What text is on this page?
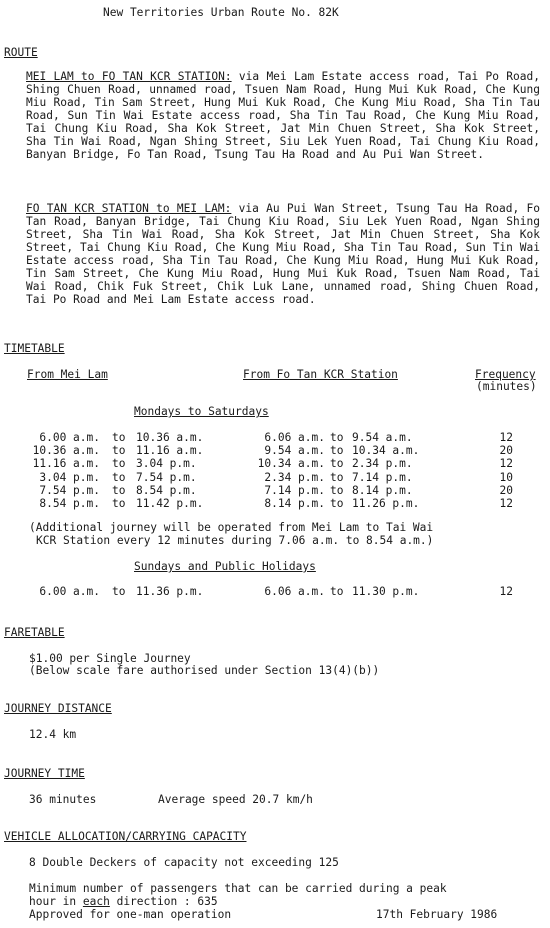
New Territories Urban Route No. 82K
ROUTE
MEI LAM to FO TAN KCR STATION: via Mei Lam Estate access road, Tai Po Road, Shing Chuen Road, unnamed road, Tsuen Nam Road, Hung Mui Kuk Road, Che Kung Miu Road, Tin Sam Street, Hung Mui Kuk Road, Che Kung Miu Road, Sha Tin Tau Road, Sun Tin Wai Estate access road, Sha Tin Tau Road, Che Kung Miu Road, Tai Chung Kiu Road, Sha Kok Street, Jat Min Chuen Street, Sha Kok Street, Sha Tin Wai Road, Ngan Shing Street, Siu Lek Yuen Road, Tai Chung Kiu Road, Banyan Bridge, Fo Tan Road, Tsung Tau Ha Road and Au Pui Wan Street.
FO TAN KCR STATION to MEI LAM: via Au Pui Wan Street, Tsung Tau Ha Road, Fo Tan Road, Banyan Bridge, Tai Chung Kiu Road, Siu Lek Yuen Road, Ngan Shing Street, Sha Tin Wai Road, Sha Kok Street, Jat Min Chuen Street, Sha Kok Street, Tai Chung Kiu Road, Che Kung Miu Road, Sha Tin Tau Road, Sun Tin Wai Estate access road, Sha Tin Tau Road, Che Kung Miu Road, Hung Mui Kuk Road, Tin Sam Street, Che Kung Miu Road, Hung Mui Kuk Road, Tsuen Nam Road, Tai Wai Road, Chik Fuk Street, Chik Luk Lane, unnamed road, Shing Chuen Road, Tai Po Road and Mei Lam Estate access road.
TIMETABLE
From Mei Lam	From Fo Tan KCR Station	Frequency
(minutes)
Mondays to Saturdays
6.00 a.m. to 10.36 a.m.	6.06 a.m. to 9.54 a.m.	12
10.36 a.m. to 11.16 a.m.	9.54 a.m. to 10.34 a.m.	20
11.16 a.m. to 3.04 p.m.	10.34 a.m. to 2.34 p.m.	12
3.04 p.m. to 7.54 p.m.	2.34 p.m. to 7.14 p.m.	10
7.54 p.m. to 8.54 p.m.	7.14 p.m. to 8.14 p.m.	20
8.54 p.m. to 11.42 p.m.	8.14 p.m. to 11.26 p.m.	12
(Additional journey will be operated from Mei Lam to Tai Wai
KCR Station every 12 minutes during 7.06 a.m. to 8.54 a.m.)
Sundays and Public Holidays
6.00 a.m. to 11.36 p.m.	6.06 a.m. to 11.30 p.m.	12
FARETABLE
$1.00 per Single Journey
(Below scale fare authorised under Section 13(4)(b))
JOURNEY DISTANCE
12.4 km
JOURNEY TIME
36 minutes	Average speed 20.7 km/h
VEHICLE ALLOCATION/CARRYING CAPACITY
8 Double Deckers of capacity not exceeding 125
Minimum number of passengers that can be carried during a peak
hour in each direction : 635
Approved for one-man operation	17th February 1986
